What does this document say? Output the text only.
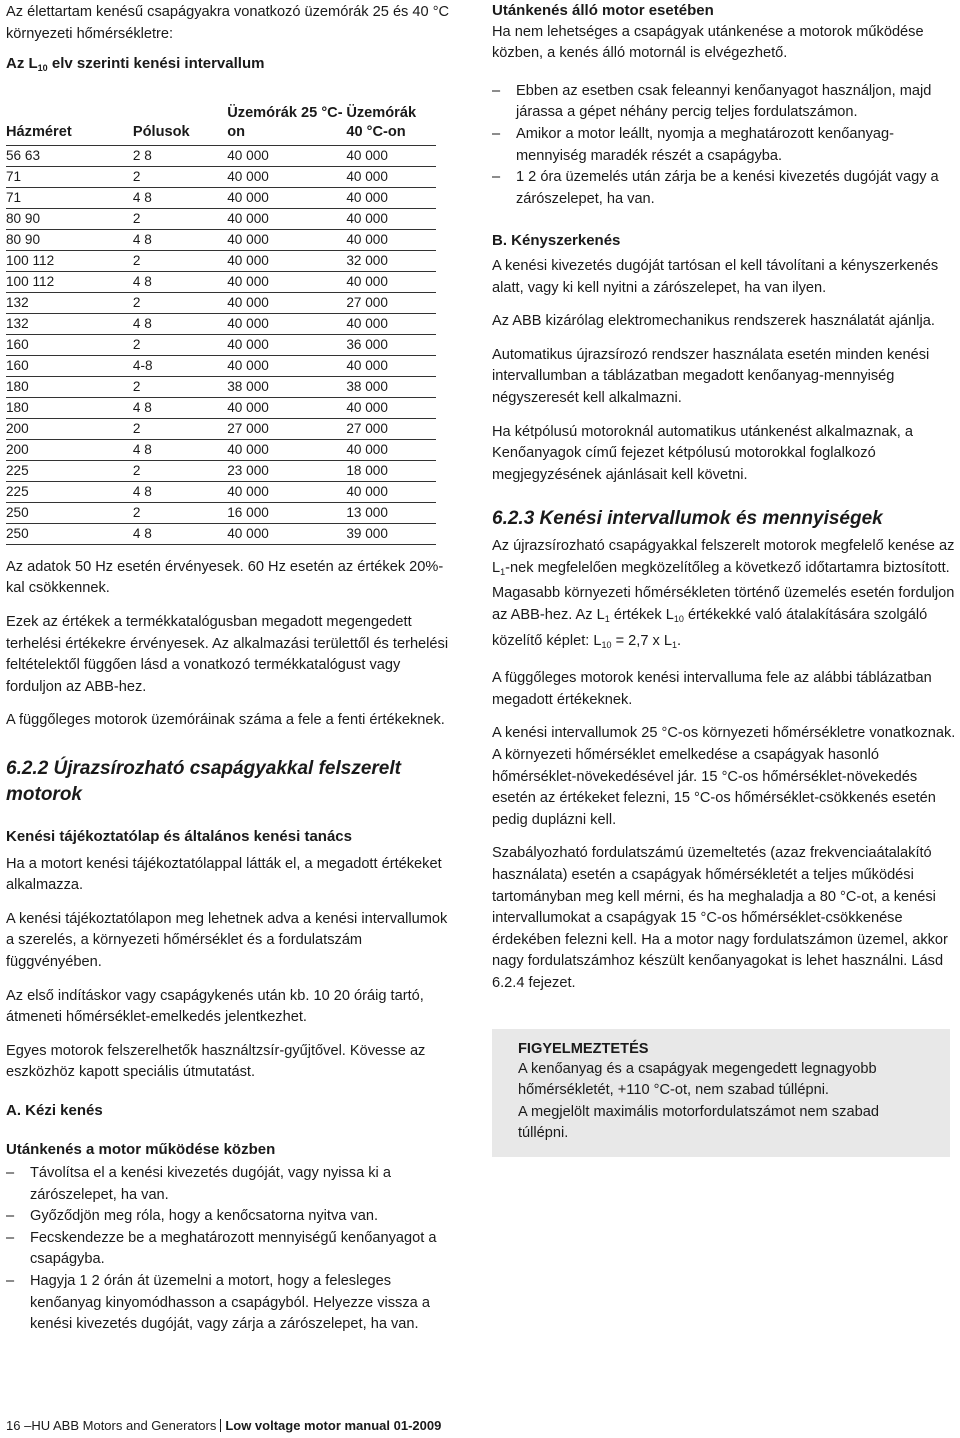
Az élettartam kenésű csapágyakra vonatkozó üzemórák 25 és 40 °C környezeti hőmérsékletre:

Az $L_{10}$ elv szerinti kenési intervallum

Házméret	Pólusok	Üzemórák 25 °C-on	Üzemórák 40 °C-on
56 63	2 8	40 000	40 000
71	2	40 000	40 000
71	4 8	40 000	40 000
80 90	2	40 000	40 000
80 90	4 8	40 000	40 000
100 112	2	40 000	32 000
100 112	4 8	40 000	40 000
132	2	40 000	27 000
132	4 8	40 000	40 000
160	2	40 000	36 000
160	4-8	40 000	40 000
180	2	38 000	38 000
180	4 8	40 000	40 000
200	2	27 000	27 000
200	4 8	40 000	40 000
225	2	23 000	18 000
225	4 8	40 000	40 000
250	2	16 000	13 000
250	4 8	40 000	39 000

Az adatok 50 Hz esetén érvényesek. 60 Hz esetén az értékek 20%-kal csökkennek.

Ezek az értékek a termékkatalógusban megadott megengedett terhelési értékekre érvényesek. Az alkalmazási területtől és terhelési feltételektől függően lásd a vonatkozó termékkatalógust vagy forduljon az ABB-hez.

A függőleges motorok üzemóráinak száma a fele a fenti értékeknek.

6.2.2 Újrazsírozható csapágyakkal felszerelt motorok

Kenési tájékoztatólap és általános kenési tanács

Ha a motort kenési tájékoztatólappal látták el, a megadott értékeket alkalmazza.

A kenési tájékoztatólapon meg lehetnek adva a kenési intervallumok a szerelés, a környezeti hőmérséklet és a fordulatszám függvényében.

Az első indításkor vagy csapágykenés után kb. 10 20 óráig tartó, átmeneti hőmérséklet-emelkedés jelentkezhet.

Egyes motorok felszerelhetők használtzsír-gyűjtővel. Kövesse az eszközhöz kapott speciális útmutatást.

A. Kézi kenés

Utánkenés a motor működése közben

– Távolítsa el a kenési kivezetés dugóját, vagy nyissa ki a zárószelepet, ha van.
– Győződjön meg róla, hogy a kenőcsatorna nyitva van.
– Fecskendezze be a meghatározott mennyiségű kenőanyagot a csapágyba.
– Hagyja 1 2 órán át üzemelni a motort, hogy a felesleges kenőanyag kinyomódhasson a csapágyból. Helyezze vissza a kenési kivezetés dugóját, vagy zárja a zárószelepet, ha van.

Utánkenés álló motor esetében

Ha nem lehetséges a csapágyak utánkenése a motorok működése közben, a kenés álló motornál is elvégezhető.

– Ebben az esetben csak feleannyi kenőanyagot használjon, majd járassa a gépet néhány percig teljes fordulatszámon.
– Amikor a motor leállt, nyomja a meghatározott kenőanyag-mennyiség maradék részét a csapágyba.
– 1 2 óra üzemelés után zárja be a kenési kivezetés dugóját vagy a zárószelepet, ha van.

B. Kényszerkenés

A kenési kivezetés dugóját tartósan el kell távolítani a kényszerkenés alatt, vagy ki kell nyitni a zárószelepet, ha van ilyen.

Az ABB kizárólag elektromechanikus rendszerek használatát ajánlja.

Automatikus újrazsírozó rendszer használata esetén minden kenési intervallumban a táblázatban megadott kenőanyag-mennyiség négyszeresét kell alkalmazni.

Ha kétpólusú motoroknál automatikus utánkenést alkalmaznak, a Kenőanyagok című fejezet kétpólusú motorokkal foglalkozó megjegyzésének ajánlásait kell követni.

6.2.3 Kenési intervallumok és mennyiségek

Az újrazsírozható csapágyakkal felszerelt motorok megfelelő kenése az $L_1$-nek megfelelően megközelítőleg a következő időtartamra biztosított. Magasabb környezeti hőmérsékleten történő üzemelés esetén forduljon az ABB-hez. Az $L_1$ értékek $L_{10}$ értékekké való átalakítására szolgáló közelítő képlet: $L_{10} = 2,7$ x $L_1$.

A függőleges motorok kenési intervalluma fele az alábbi táblázatban megadott értékeknek.

A kenési intervallumok 25 °C-os környezeti hőmérsékletre vonatkoznak. A környezeti hőmérséklet emelkedése a csapágyak hasonló hőmérséklet-növekedésével jár. 15 °C-os hőmérséklet-növekedés esetén az értékeket felezni, 15 °C-os hőmérséklet-csökkenés esetén pedig duplázni kell.

Szabályozható fordulatszámú üzemeltetés (azaz frekvenciaátalakító használata) esetén a csapágyak hőmérsékletét a teljes működési tartományban meg kell mérni, és ha meghaladja a 80 °C-ot, a kenési intervallumokat a csapágyak 15 °C-os hőmérséklet-csökkenése érdekében felezni kell. Ha a motor nagy fordulatszámon üzemel, akkor nagy fordulatszámhoz készült kenőanyagokat is lehet használni. Lásd 6.2.4 fejezet.

FIGYELMEZTETÉS

A kenőanyag és a csapágyak megengedett legnagyobb hőmérsékletét, +110 °C-ot, nem szabad túllépni.

A megjelölt maximális motorfordulatszámot nem szabad túllépni.

16 –HU ABB Motors and Generators Low voltage motor manual 01-2009
